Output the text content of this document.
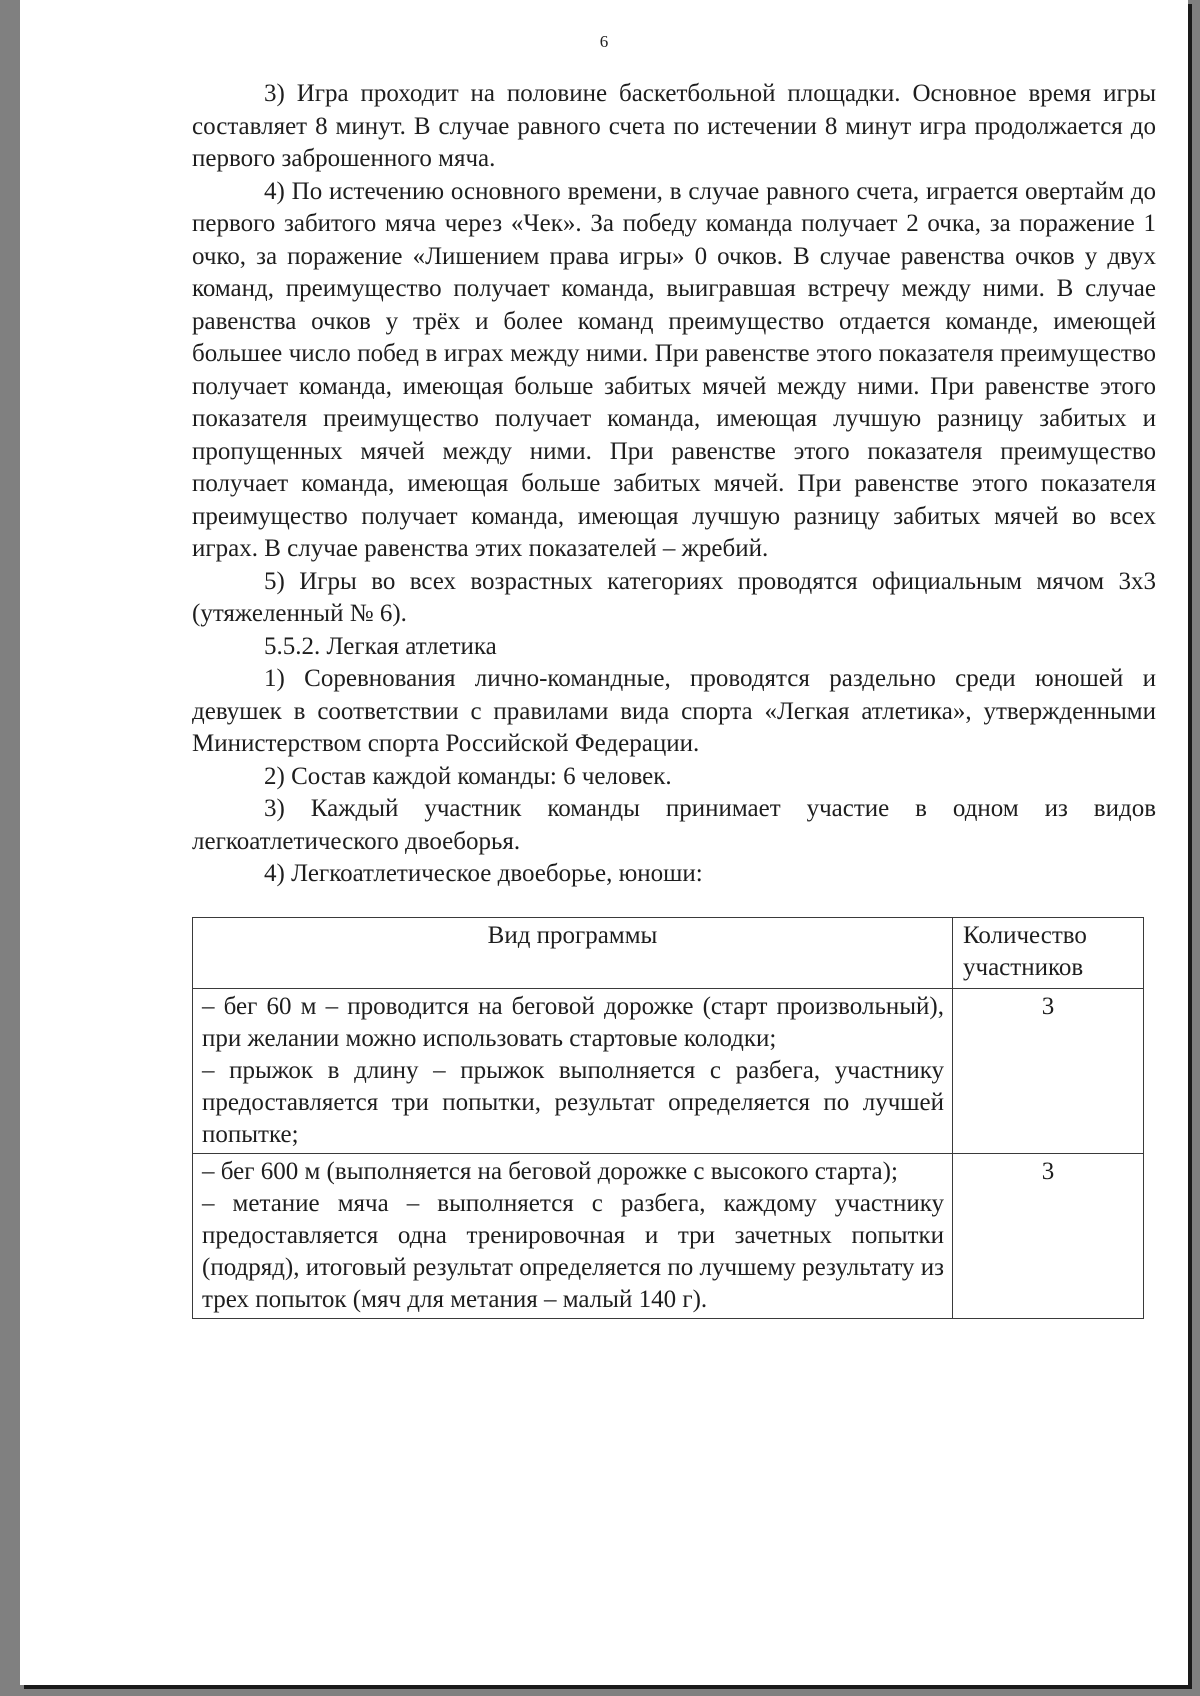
6

3) Игра проходит на половине баскетбольной площадки. Основное время игры составляет 8 минут. В случае равного счета по истечении 8 минут игра продолжается до первого заброшенного мяча.

4) По истечению основного времени, в случае равного счета, играется овертайм до первого забитого мяча через «Чек». За победу команда получает 2 очка, за поражение 1 очко, за поражение «Лишением права игры» 0 очков. В случае равенства очков у двух команд, преимущество получает команда, выигравшая встречу между ними. В случае равенства очков у трёх и более команд преимущество отдается команде, имеющей большее число побед в играх между ними. При равенстве этого показателя преимущество получает команда, имеющая больше забитых мячей между ними. При равенстве этого показателя преимущество получает команда, имеющая лучшую разницу забитых и пропущенных мячей между ними. При равенстве этого показателя преимущество получает команда, имеющая больше забитых мячей. При равенстве этого показателя преимущество получает команда, имеющая лучшую разницу забитых мячей во всех играх. В случае равенства этих показателей – жребий.

5) Игры во всех возрастных категориях проводятся официальным мячом 3х3 (утяжеленный № 6).

5.5.2. Легкая атлетика

1) Соревнования лично-командные, проводятся раздельно среди юношей и девушек в соответствии с правилами вида спорта «Легкая атлетика», утвержденными Министерством спорта Российской Федерации.

2) Состав каждой команды: 6 человек.

3) Каждый участник команды принимает участие в одном из видов легкоатлетического двоеборья.

4) Легкоатлетическое двоеборье, юноши:

Вид программы	Количество участников

– бег 60 м – проводится на беговой дорожке (старт произвольный), при желании можно использовать стартовые колодки;
– прыжок в длину – прыжок выполняется с разбега, участнику предоставляется три попытки, результат определяется по лучшей попытке;	3

– бег 600 м (выполняется на беговой дорожке с высокого старта);
– метание мяча – выполняется с разбега, каждому участнику предоставляется одна тренировочная и три зачетных попытки (подряд), итоговый результат определяется по лучшему результату из трех попыток (мяч для метания – малый 140 г).	3
